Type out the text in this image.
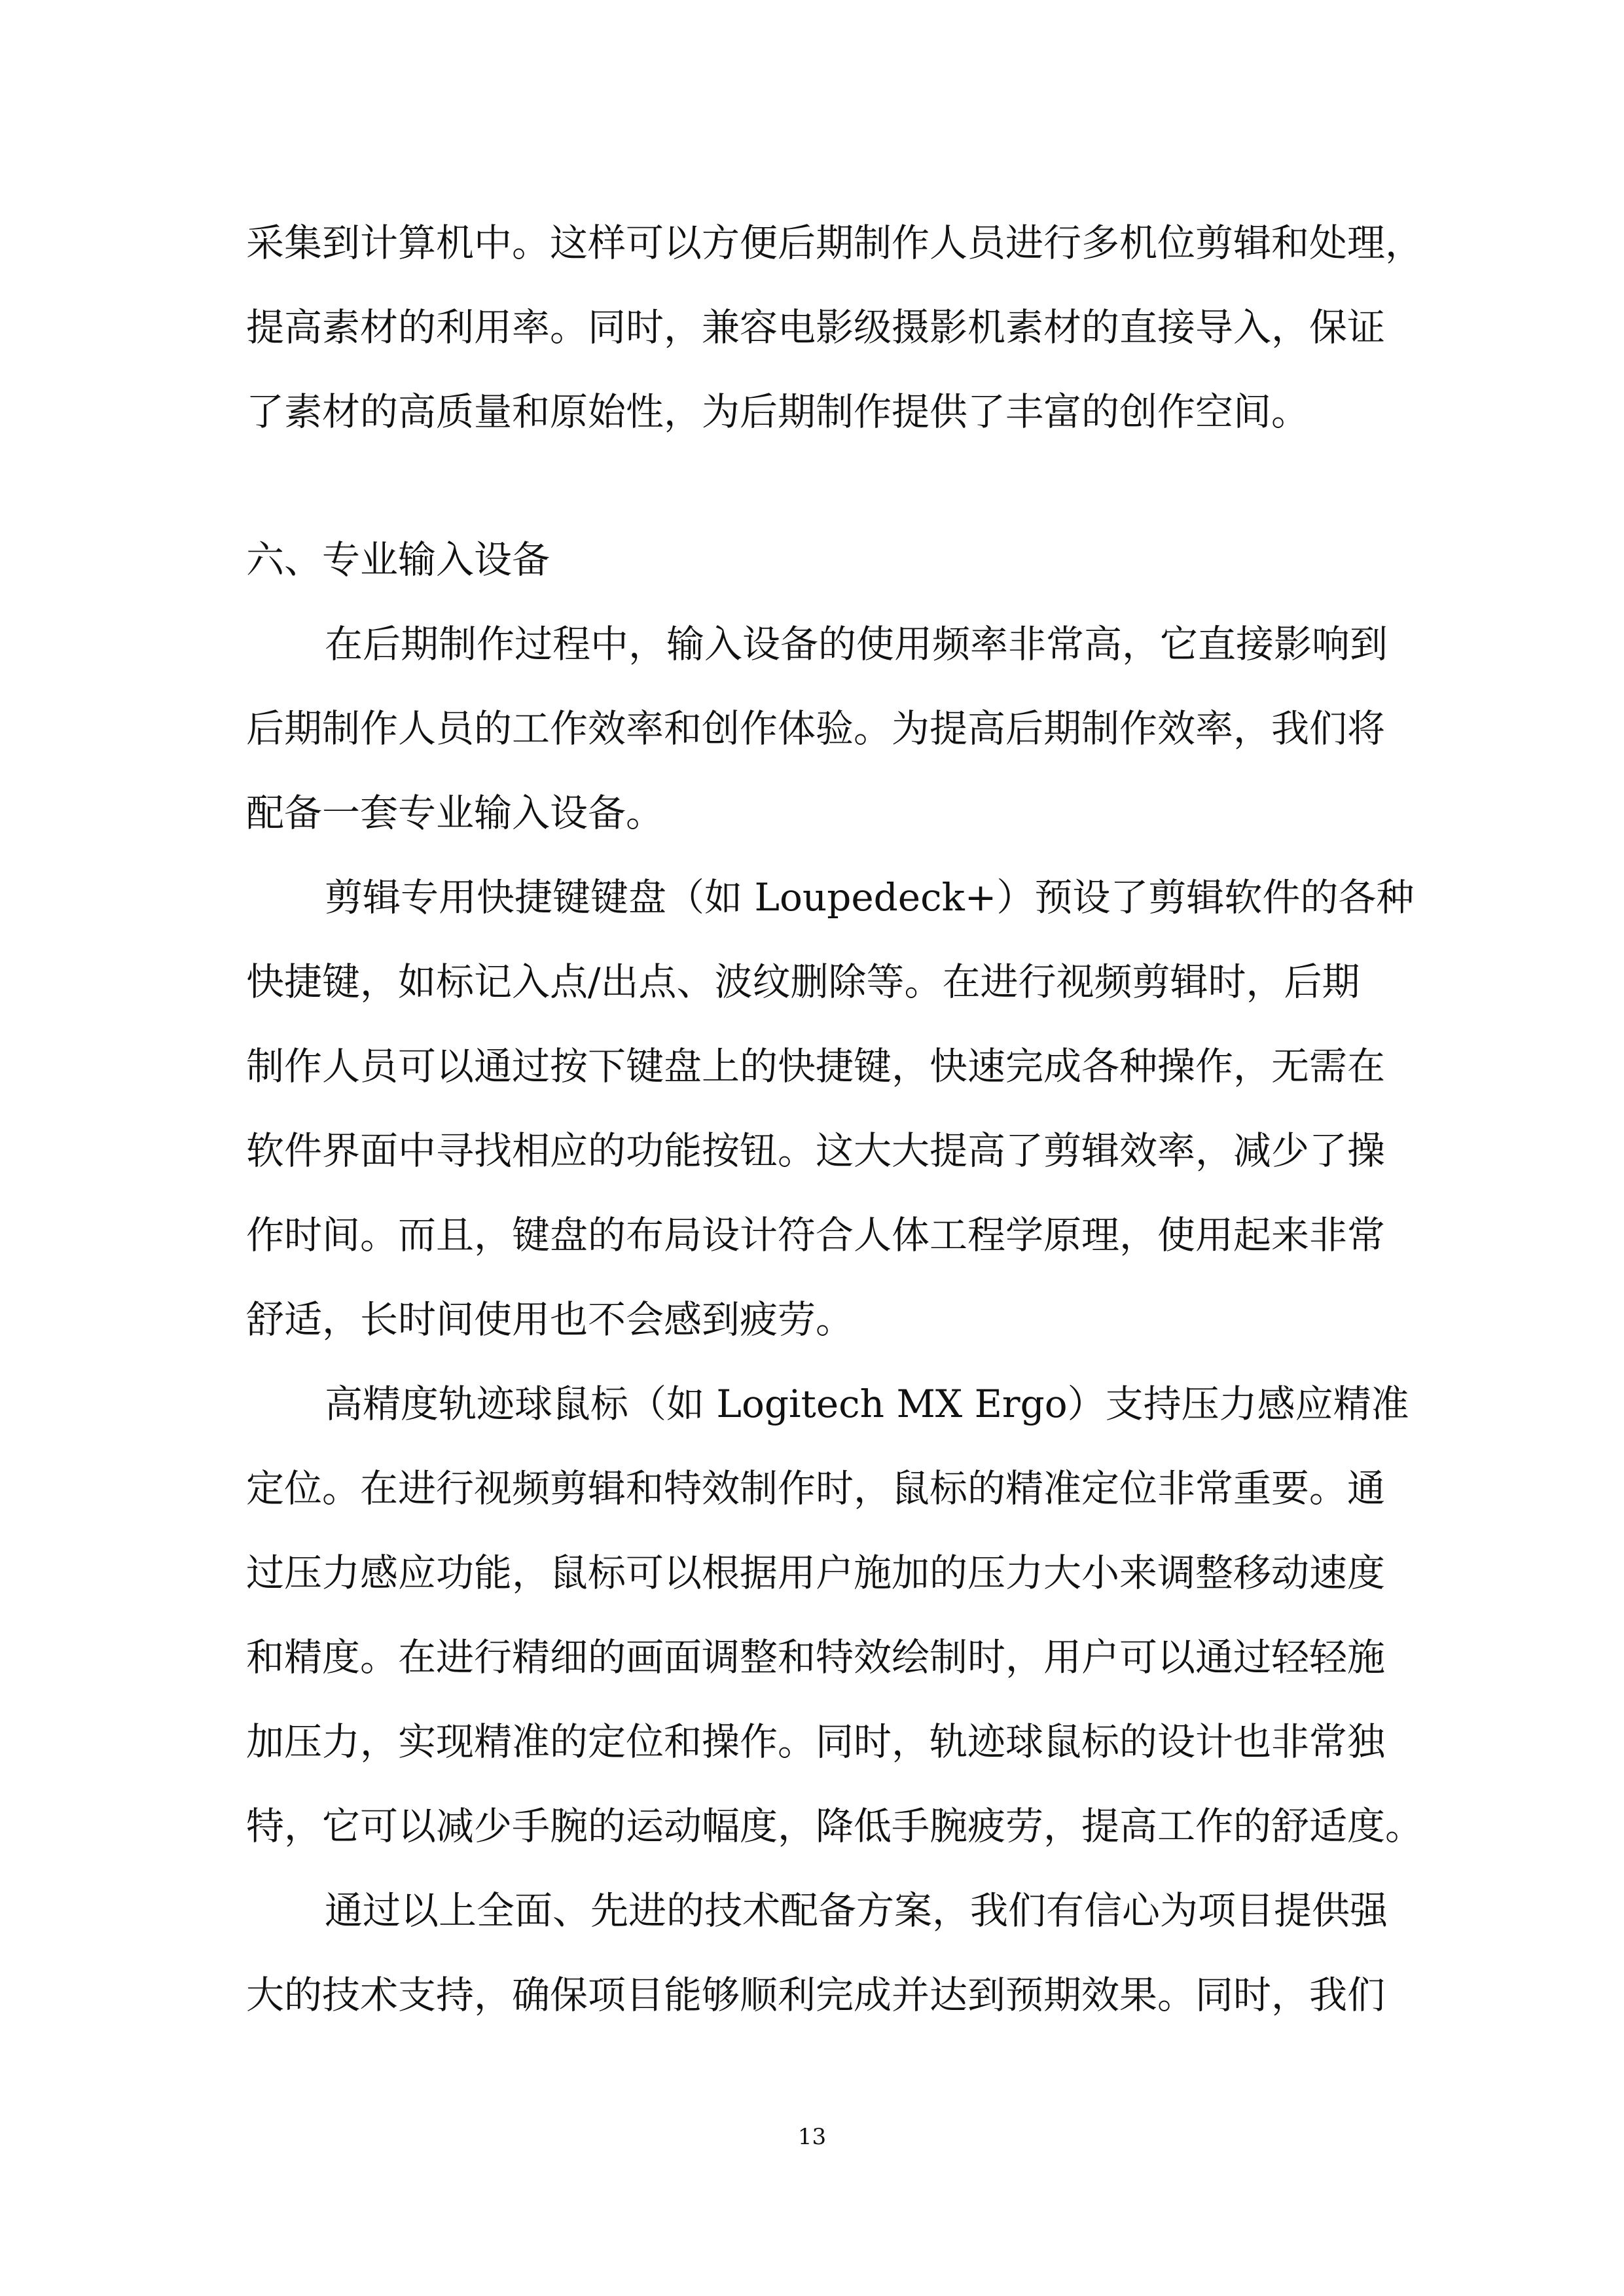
采集到计算机中。这样可以方便后期制作人员进行多机位剪辑和处理，
提高素材的利用率。同时，兼容电影级摄影机素材的直接导入，保证
了素材的高质量和原始性，为后期制作提供了丰富的创作空间。
六、专业输入设备
在后期制作过程中，输入设备的使用频率非常高，它直接影响到
后期制作人员的工作效率和创作体验。为提高后期制作效率，我们将
配备一套专业输入设备。
剪辑专用快捷键键盘（如 Loupedeck+）预设了剪辑软件的各种
快捷键，如标记入点/出点、波纹删除等。在进行视频剪辑时，后期
制作人员可以通过按下键盘上的快捷键，快速完成各种操作，无需在
软件界面中寻找相应的功能按钮。这大大提高了剪辑效率，减少了操
作时间。而且，键盘的布局设计符合人体工程学原理，使用起来非常
舒适，长时间使用也不会感到疲劳。
高精度轨迹球鼠标（如 Logitech MX Ergo）支持压力感应精准
定位。在进行视频剪辑和特效制作时，鼠标的精准定位非常重要。通
过压力感应功能，鼠标可以根据用户施加的压力大小来调整移动速度
和精度。在进行精细的画面调整和特效绘制时，用户可以通过轻轻施
加压力，实现精准的定位和操作。同时，轨迹球鼠标的设计也非常独
特，它可以减少手腕的运动幅度，降低手腕疲劳，提高工作的舒适度。
通过以上全面、先进的技术配备方案，我们有信心为项目提供强
大的技术支持，确保项目能够顺利完成并达到预期效果。同时，我们
13
